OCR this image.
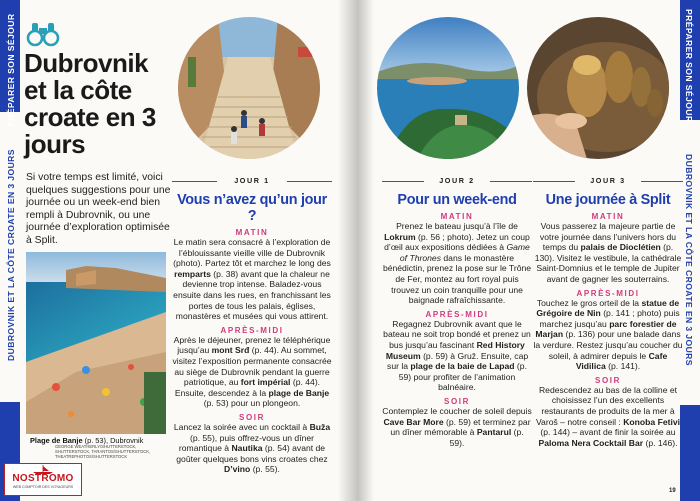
PRÉPARER SON SÉJOUR
DUBROVNIK ET LA CÔTE CROATE EN 3 JOURS
PRÉPARER SON SÉJOUR
DUBROVNIK ET LA CÔTE CROATE EN 3 JOURS
Dubrovnik et la côte croate en 3 jours

Si votre temps est limité, voici quelques suggestions pour une journée ou un week-end bien rempli à Dubrovnik, ou une journée d’exploration optimisée à Split.

Plage de Banje (p. 53), Dubrovnik
GEORGE WEATHERLY/SHUTTERSTOCK, SHUTTERSTOCK, TARANTOS/SHUTTERSTOCK, THEATREPHOTOS/SHUTTERSTOCK
NOSTROMO
WEB COMPTOIR DES VOYAGEURS
JOUR 1
Vous n’avez qu’un jour ?
MATIN

Le matin sera consacré à l’exploration de l’éblouissante vieille ville de Dubrovnik (photo). Partez tôt et marchez le long des remparts (p. 38) avant que la chaleur ne devienne trop intense. Baladez-vous ensuite dans les rues, en franchissant les portes de tous les palais, églises, monastères et musées qui vous attirent.

APRÈS-MIDI

Après le déjeuner, prenez le téléphérique jusqu’au mont Srđ (p. 44). Au sommet, visitez l’exposition permanente consacrée au siège de Dubrovnik pendant la guerre patriotique, au fort impérial (p. 44). Ensuite, descendez à la plage de Banje (p. 53) pour un plongeon.

SOIR

Lancez la soirée avec un cocktail à Buža (p. 55), puis offrez-vous un dîner romantique à Nautika (p. 54) avant de goûter quelques bons vins croates chez D’vino (p. 55).

JOUR 2
Pour un week-end
MATIN

Prenez le bateau jusqu’à l’île de Lokrum (p. 56 ; photo). Jetez un coup d’œil aux expositions dédiées à Game of Thrones dans le monastère bénédictin, prenez la pose sur le Trône de Fer, montez au fort royal puis trouvez un coin tranquille pour une baignade rafraîchissante.

APRÈS-MIDI

Regagnez Dubrovnik avant que le bateau ne soit trop bondé et prenez un bus jusqu’au fascinant Red History Museum (p. 59) à Gruž. Ensuite, cap sur la plage de la baie de Lapad (p. 59) pour profiter de l’animation balnéaire.

SOIR

Contemplez le coucher de soleil depuis Cave Bar More (p. 59) et terminez par un dîner mémorable à Pantarul (p. 59).

JOUR 3
Une journée à Split
MATIN

Vous passerez la majeure partie de votre journée dans l’univers hors du temps du palais de Dioclétien (p. 130). Visitez le vestibule, la cathédrale Saint-Domnius et le temple de Jupiter avant de gagner les souterrains.

APRÈS-MIDI

Touchez le gros orteil de la statue de Grégoire de Nin (p. 141 ; photo) puis marchez jusqu’au parc forestier de Marjan (p. 136) pour une balade dans la verdure. Restez jusqu’au coucher du soleil, à admirer depuis le Cafe Vidilica (p. 141).

SOIR

Redescendez au bas de la colline et choisissez l’un des excellents restaurants de produits de la mer à Varoš – notre conseil : Konoba Fetivi (p. 144) – avant de finir la soirée au Paloma Nera Cocktail Bar (p. 146).

19
